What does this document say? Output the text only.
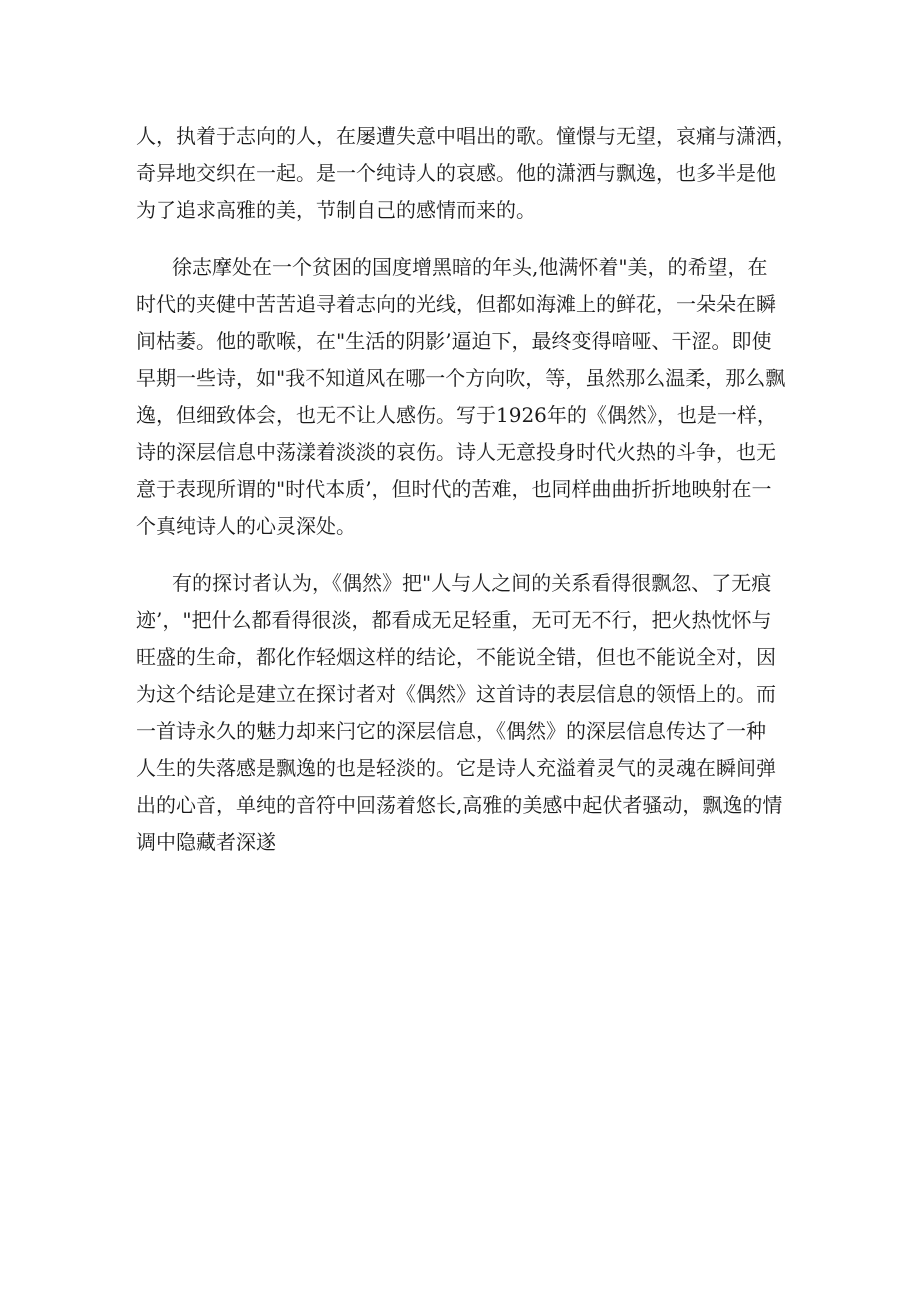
人，执着于志向的人，在屡遭失意中唱出的歌。憧憬与无望，哀痛与潇洒，
奇异地交织在一起。是一个纯诗人的哀感。他的潇洒与飘逸，也多半是他
为了追求高雅的美，节制自己的感情而来的。
徐志摩处在一个贫困的国度增黑暗的年头,他满怀着"美，的希望，在
时代的夹健中苦苦追寻着志向的光线，但都如海滩上的鲜花，一朵朵在瞬
间枯萎。他的歌喉，在"生活的阴影’逼迫下，最终变得喑哑、干涩。即使
早期一些诗，如"我不知道风在哪一个方向吹，等，虽然那么温柔，那么飘
逸，但细致体会，也无不让人感伤。写于1926年的《偶然》，也是一样，
诗的深层信息中荡漾着淡淡的哀伤。诗人无意投身时代火热的斗争，也无
意于表现所谓的"时代本质’，但时代的苦难，也同样曲曲折折地映射在一
个真纯诗人的心灵深处。
有的探讨者认为，《偶然》把"人与人之间的关系看得很飘忽、了无痕
迹’，"把什么都看得很淡，都看成无足轻重，无可无不行，把火热忱怀与
旺盛的生命，都化作轻烟这样的结论，不能说全错，但也不能说全对，因
为这个结论是建立在探讨者对《偶然》这首诗的表层信息的领悟上的。而
一首诗永久的魅力却来闩它的深层信息，《偶然》的深层信息传达了一种
人生的失落感是飘逸的也是轻淡的。它是诗人充溢着灵气的灵魂在瞬间弹
出的心音，单纯的音符中回荡着悠长,高雅的美感中起伏者骚动，飘逸的情
调中隐藏者深遂
